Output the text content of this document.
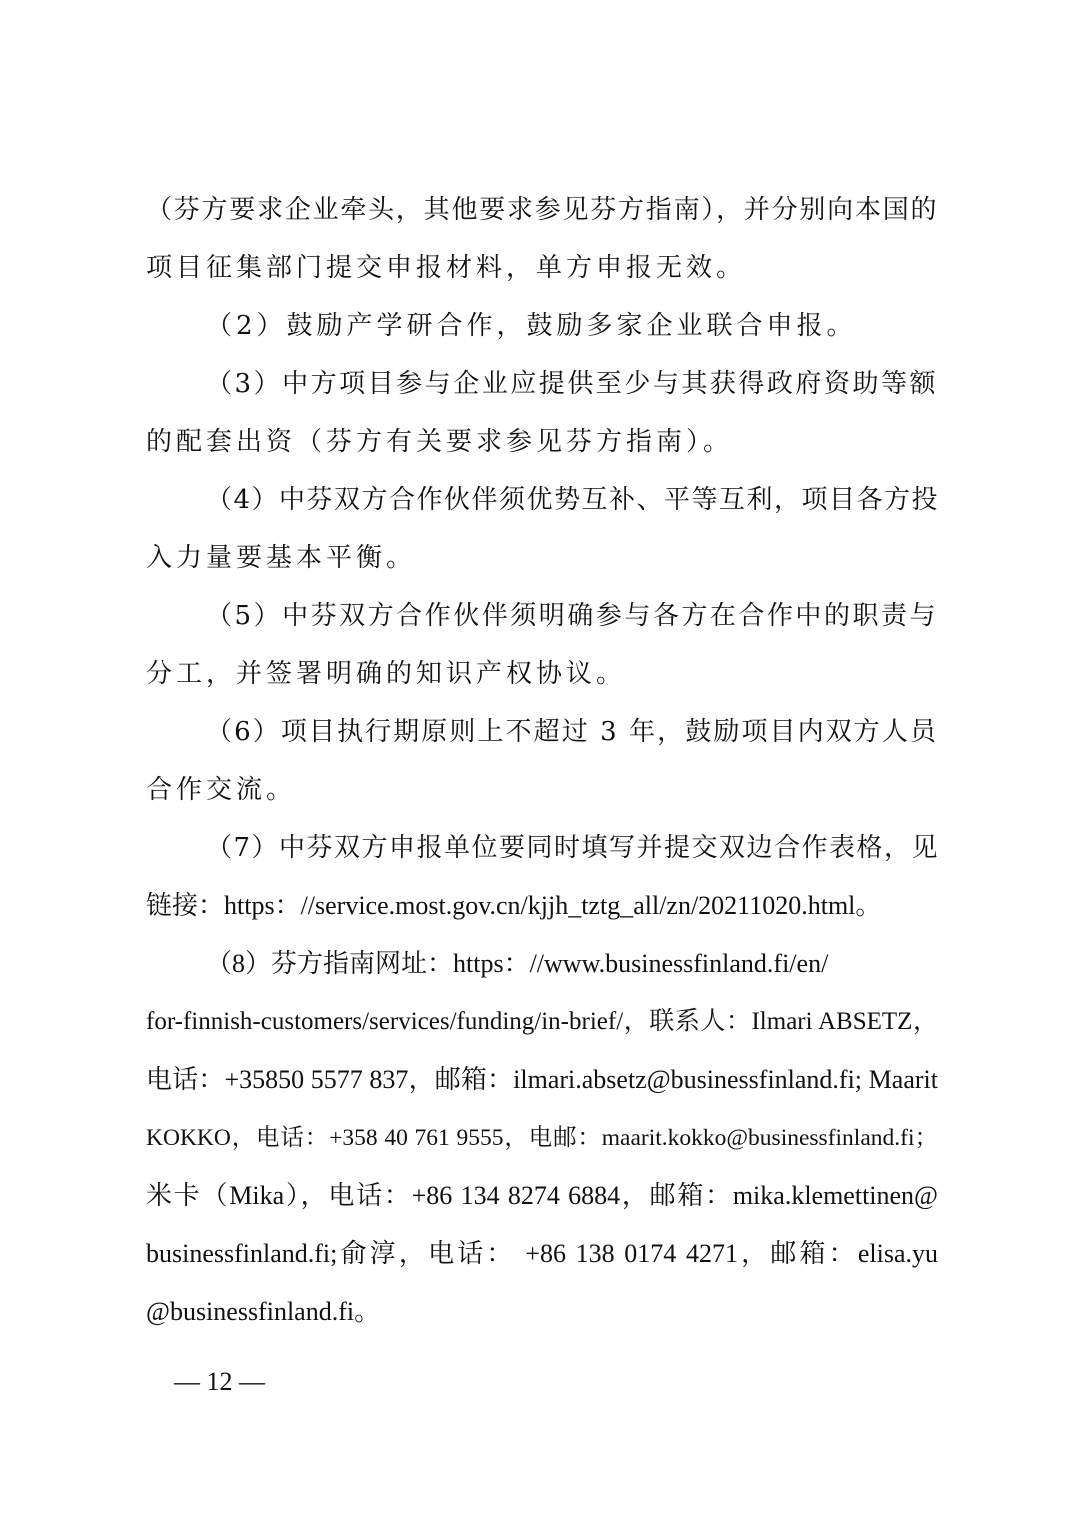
（芬方要求企业牵头，其他要求参见芬方指南），并分别向本国的
项目征集部门提交申报材料，单方申报无效。
（2）鼓励产学研合作，鼓励多家企业联合申报。
（3）中方项目参与企业应提供至少与其获得政府资助等额
的配套出资（芬方有关要求参见芬方指南）。
（4）中芬双方合作伙伴须优势互补、平等互利，项目各方投
入力量要基本平衡。
（5）中芬双方合作伙伴须明确参与各方在合作中的职责与
分工，并签署明确的知识产权协议。
（6）项目执行期原则上不超过 3 年，鼓励项目内双方人员
合作交流。
（7）中芬双方申报单位要同时填写并提交双边合作表格，见
链接：https：//service.most.gov.cn/kjjh_tztg_all/zn/20211020.html。
（8）芬方指南网址：https：//www.businessfinland.fi/en/
for-finnish-customers/services/funding/in-brief/，联系人：Ilmari ABSETZ，
电话：+35850 5577 837，邮箱：ilmari.absetz@businessfinland.fi; Maarit
KOKKO，电话：+358 40 761 9555，电邮：maarit.kokko@businessfinland.fi；
米卡（Mika），电话：+86 134 8274 6884，邮箱：mika.klemettinen@
businessfinland.fi;俞淳，电话： +86 138 0174 4271，邮箱：elisa.yu
@businessfinland.fi。
— 12 —
